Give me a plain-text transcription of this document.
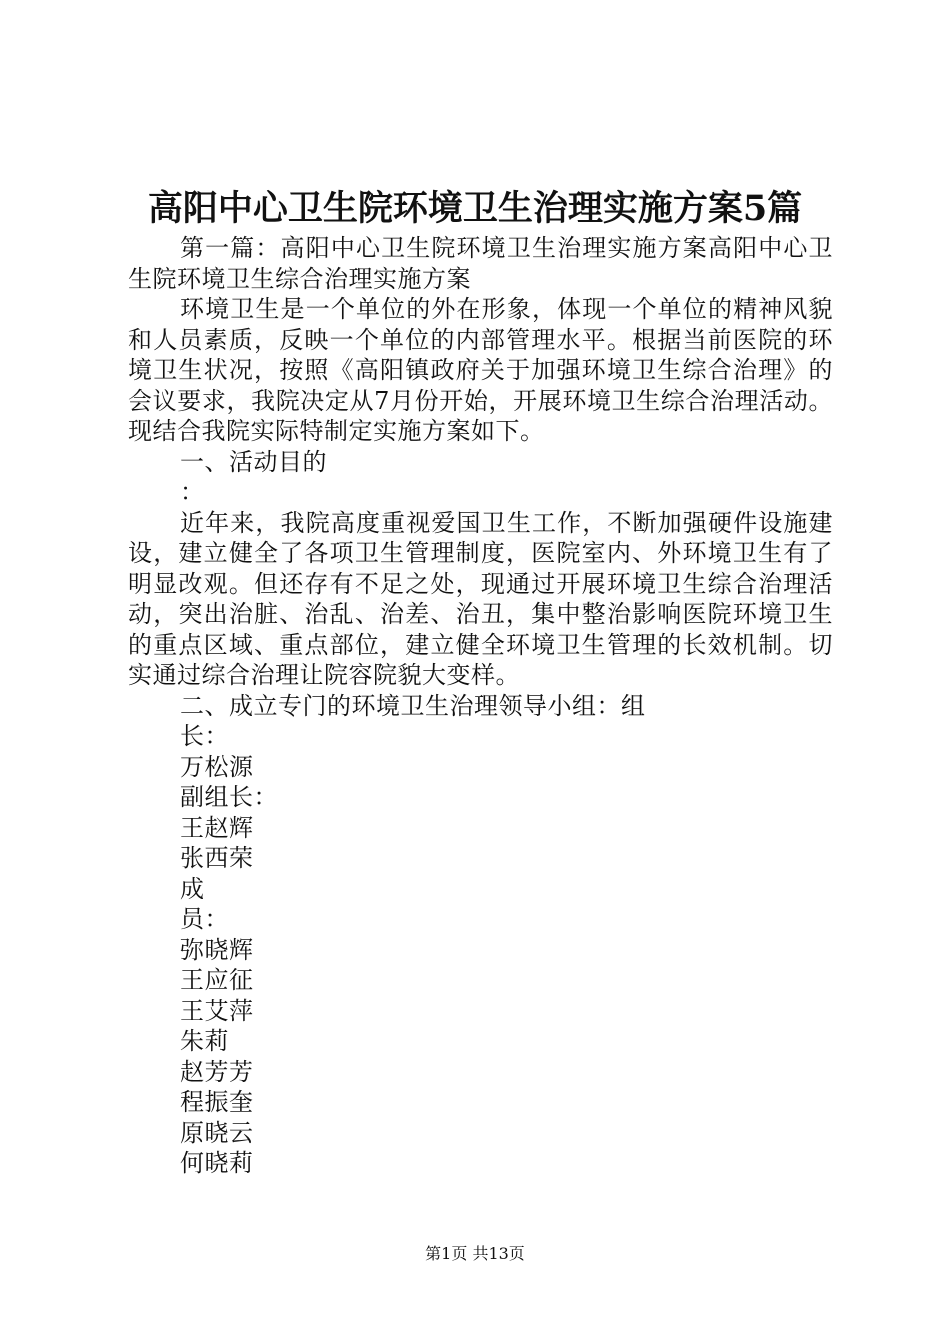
高阳中心卫生院环境卫生治理实施方案5篇

第一篇：高阳中心卫生院环境卫生治理实施方案高阳中心卫生院环境卫生综合治理实施方案

环境卫生是一个单位的外在形象，体现一个单位的精神风貌和人员素质，反映一个单位的内部管理水平。根据当前医院的环境卫生状况，按照《高阳镇政府关于加强环境卫生综合治理》的会议要求，我院决定从7月份开始，开展环境卫生综合治理活动。现结合我院实际特制定实施方案如下。

一、活动目的

：

近年来，我院高度重视爱国卫生工作，不断加强硬件设施建设，建立健全了各项卫生管理制度，医院室内、外环境卫生有了明显改观。但还存有不足之处，现通过开展环境卫生综合治理活动，突出治脏、治乱、治差、治丑，集中整治影响医院环境卫生的重点区域、重点部位，建立健全环境卫生管理的长效机制。切实通过综合治理让院容院貌大变样。

二、成立专门的环境卫生治理领导小组：组

长：

万松源

副组长：

王赵辉

张西荣

成

员：

弥晓辉

王应征

王艾萍

朱莉

赵芳芳

程振奎

原晓云

何晓莉

第1页 共13页
